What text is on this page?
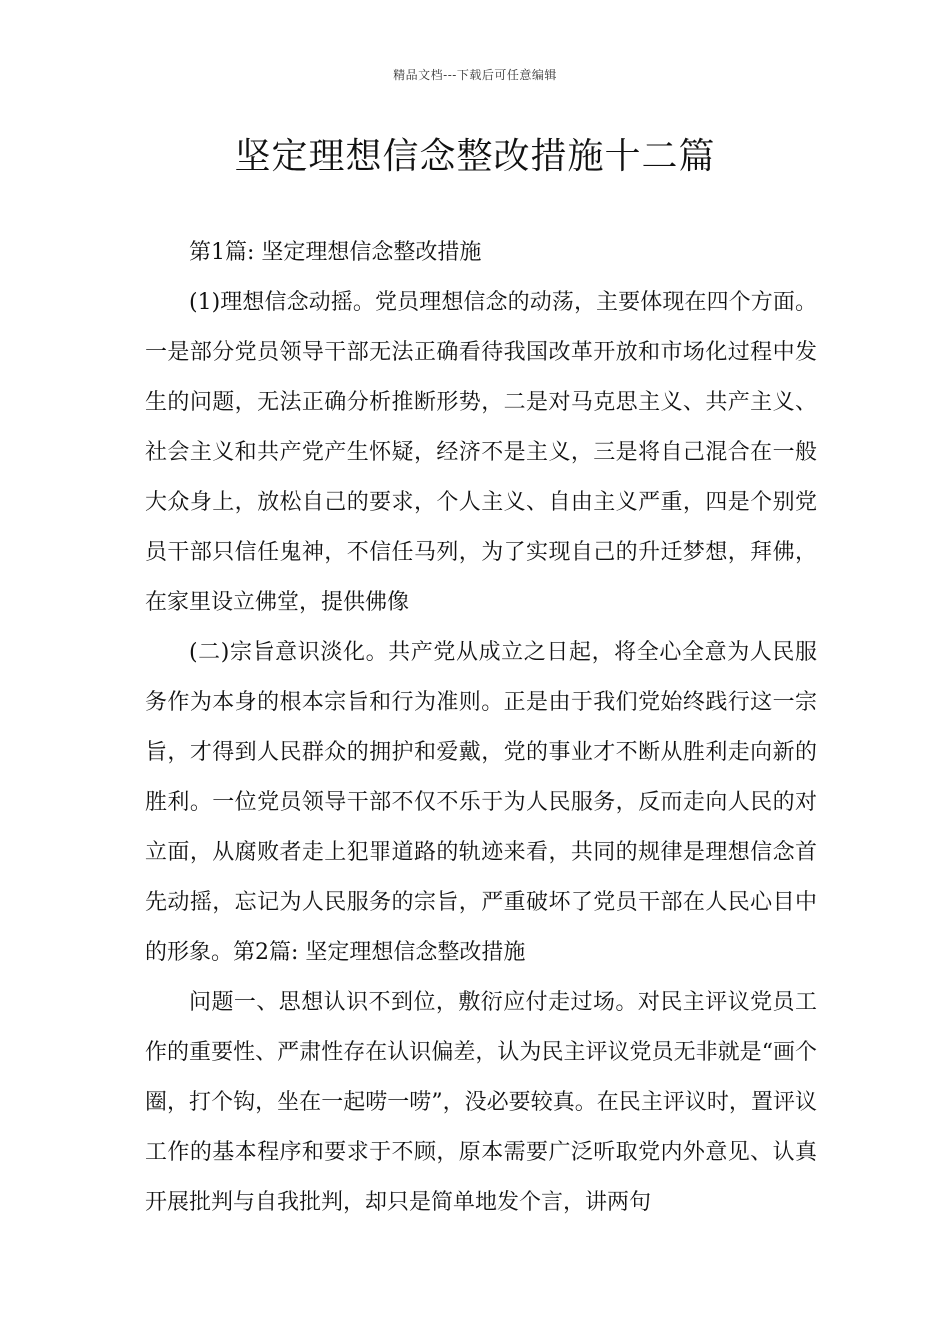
精品文档---下载后可任意编辑
坚定理想信念整改措施十二篇

第1篇: 坚定理想信念整改措施

(1)理想信念动摇。党员理想信念的动荡，主要体现在四个方面。一是部分党员领导干部无法正确看待我国改革开放和市场化过程中发生的问题，无法正确分析推断形势，二是对马克思主义、共产主义、社会主义和共产党产生怀疑，经济不是主义，三是将自己混合在一般大众身上，放松自己的要求，个人主义、自由主义严重，四是个别党员干部只信任鬼神，不信任马列，为了实现自己的升迁梦想，拜佛，在家里设立佛堂，提供佛像

(二)宗旨意识淡化。共产党从成立之日起，将全心全意为人民服务作为本身的根本宗旨和行为准则。正是由于我们党始终践行这一宗旨，才得到人民群众的拥护和爱戴，党的事业才不断从胜利走向新的胜利。一位党员领导干部不仅不乐于为人民服务，反而走向人民的对立面，从腐败者走上犯罪道路的轨迹来看，共同的规律是理想信念首先动摇，忘记为人民服务的宗旨，严重破坏了党员干部在人民心目中的形象。第2篇: 坚定理想信念整改措施

问题一、思想认识不到位，敷衍应付走过场。对民主评议党员工作的重要性、严肃性存在认识偏差，认为民主评议党员无非就是“画个圈，打个钩，坐在一起唠一唠”，没必要较真。在民主评议时，置评议工作的基本程序和要求于不顾，原本需要广泛听取党内外意见、认真开展批判与自我批判，却只是简单地发个言，讲两句
